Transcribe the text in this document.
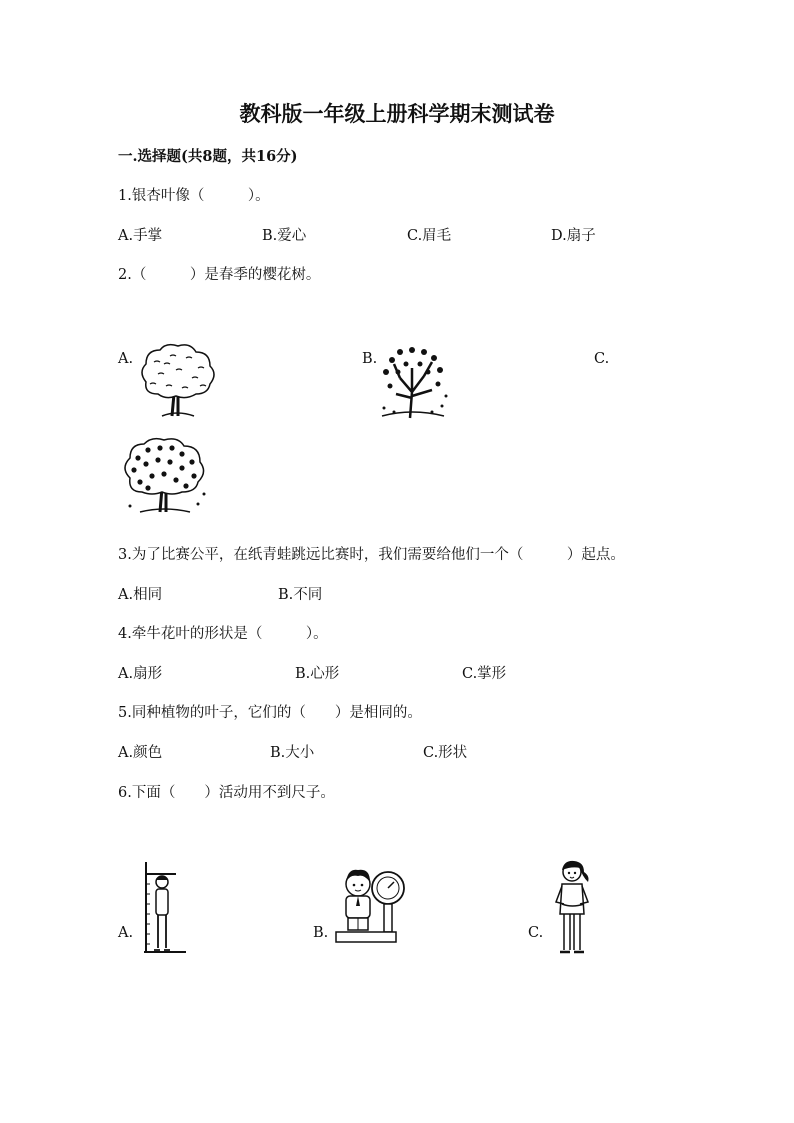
教科版一年级上册科学期末测试卷
一.选择题(共8题，共16分)
1.银杏叶像（　　　）。
A.手掌	B.爱心	C.眉毛	D.扇子
2.（　　　）是春季的樱花树。
A.	B.	C.
3.为了比赛公平，在纸青蛙跳远比赛时，我们需要给他们一个（　　　）起点。
A.相同	B.不同
4.牵牛花叶的形状是（　　　）。
A.扇形	B.心形	C.掌形
5.同种植物的叶子，它们的（　　）是相同的。
A.颜色	B.大小	C.形状
6.下面（　　）活动用不到尺子。
A.	B.	C.
